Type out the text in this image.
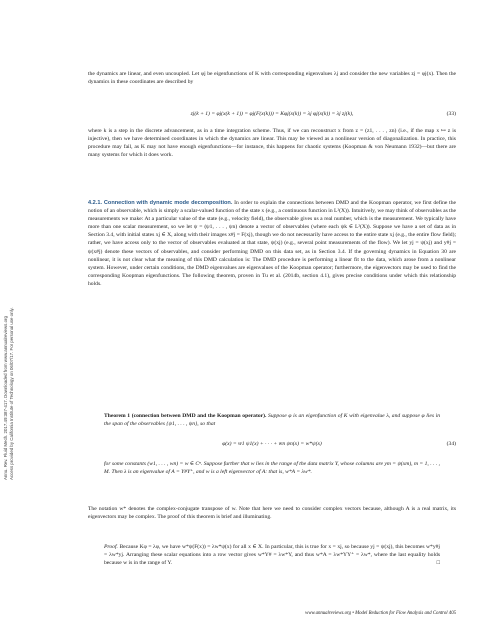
Annu. Rev. Fluid Mech. 2017.49:387-417. Downloaded from www.annualreviews.org Access provided by California Institute of Technology on 06/07/17. For personal use only.

the dynamics are linear, and even uncoupled. Let φj be eigenfunctions of K with corresponding eigenvalues λj and consider the new variables zj = φj(x). Then the dynamics in these coordinates are described by

zj(k + 1) = φj(x(k + 1)) = φj(F(x(k))) = Kφj(x(k)) = λj φj(x(k)) = λj zj(k),	(33)

where k is a step in the discrete advancement, as in a time integration scheme. Thus, if we can reconstruct x from z = (z1, . . . , zn) (i.e., if the map x ↦ z is injective), then we have determined coordinates in which the dynamics are linear. This may be viewed as a nonlinear version of diagonalization. In practice, this procedure may fail, as K may not have enough eigenfunctions—for instance, this happens for chaotic systems (Koopman & von Neumann 1932)—but there are many systems for which it does work.

4.2.1. Connection with dynamic mode decomposition. In order to explain the connections between DMD and the Koopman operator, we first define the notion of an observable, which is simply a scalar-valued function of the state x (e.g., a continuous function in L²(X)). Intuitively, we may think of observables as the measurements we make: At a particular value of the state (e.g., velocity field), the observable gives us a real number, which is the measurement. We typically have more than one scalar measurement, so we let ψ = (ψ1, . . . , ψn) denote a vector of observables (where each ψk ∈ L²(X)). Suppose we have a set of data as in Section 3.4, with initial states xj ∈ X, along with their images x#j = F(xj), though we do not necessarily have access to the entire state xj (e.g., the entire flow field); rather, we have access only to the vector of observables evaluated at that state, ψ(xj) (e.g., several point measurements of the flow). We let yj = ψ(xj) and y#j = ψ(x#j) denote these vectors of observables, and consider performing DMD on this data set, as in Section 3.4. If the governing dynamics in Equation 30 are nonlinear, it is not clear what the meaning of this DMD calculation is: The DMD procedure is performing a linear fit to the data, which arose from a nonlinear system. However, under certain conditions, the DMD eigenvalues are eigenvalues of the Koopman operator; furthermore, the eigenvectors may be used to find the corresponding Koopman eigenfunctions. The following theorem, proven in Tu et al. (2014b, section 4.1), gives precise conditions under which this relationship holds.

Theorem 1 (connection between DMD and the Koopman operator). Suppose φ is an eigenfunction of K with eigenvalue λ, and suppose φ lies in the span of the observables {ψ1, . . . , ψn}, so that

φ(x) = w̄1 ψ1(x) + · · · + w̄n ψn(x) = w*ψ(x)	(34)

for some constants (w1, . . . , wn) = w ∈ Cⁿ. Suppose further that w lies in the range of the data matrix Y, whose columns are ym = ψ(xm), m = 1, . . . , M. Then λ is an eigenvalue of A = Y#Y⁺, and w is a left eigenvector of A: that is, w*A = λw*.

The notation w* denotes the complex-conjugate transpose of w. Note that here we need to consider complex vectors because, although A is a real matrix, its eigenvectors may be complex. The proof of this theorem is brief and illuminating.

Proof. Because Kφ = λφ, we have w*ψ(F(x)) = λw*ψ(x) for all x ∈ X. In particular, this is true for x = xj, so because yj = ψ(xj), this becomes w*y#j = λw*yj. Arranging these scalar equations into a row vector gives w*Y# = λw*Y, and thus w*A = λw*YY⁺ = λw*, where the last equality holds because w is in the range of Y.	□

www.annualreviews.org • Model Reduction for Flow Analysis and Control 405
